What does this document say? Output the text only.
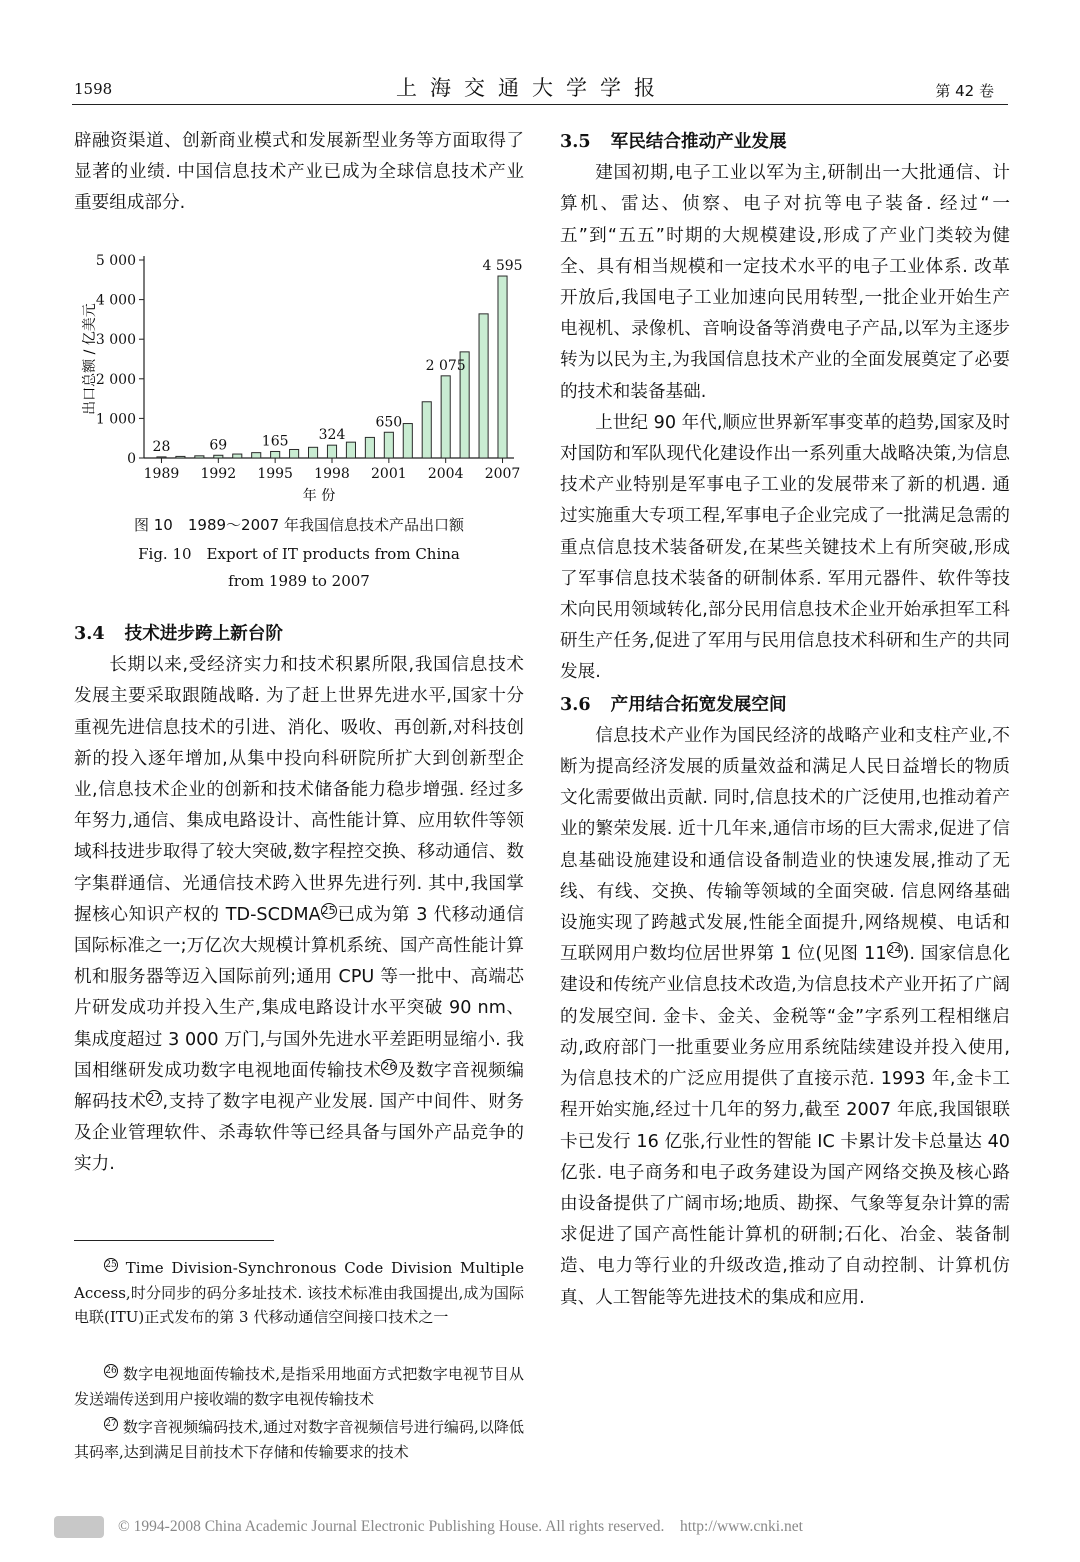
1598	上海交通大学学报	第 42 卷

辟融资渠道、创新商业模式和发展新型业务等方面取得了显著的业绩. 中国信息技术产业已成为全球信息技术产业重要组成部分.

出口总额 / 亿美元
年 份
0
1 000
2 000
3 000
4 000
5 000
1989 1992 1995 1998 2001 2004 2007
28	69 165 324
650
2 075
4 595
图 10　1989～2007 年我国信息技术产品出口额
Fig. 10　Export of IT products from China
from 1989 to 2007

3.4 技术进步跨上新台阶

长期以来,受经济实力和技术积累所限,我国信息技术发展主要采取跟随战略. 为了赶上世界先进水平,国家十分重视先进信息技术的引进、消化、吸收、再创新,对科技创新的投入逐年增加,从集中投向科研院所扩大到创新型企业,信息技术企业的创新和技术储备能力稳步增强. 经过多年努力,通信、集成电路设计、高性能计算、应用软件等领域科技进步取得了较大突破,数字程控交换、移动通信、数字集群通信、光通信技术跨入世界先进行列. 其中,我国掌握核心知识产权的 TD-SCDMA$^{25}$已成为第 3 代移动通信国际标准之一;万亿次大规模计算机系统、国产高性能计算机和服务器等迈入国际前列;通用 CPU 等一批中、高端芯片研发成功并投入生产,集成电路设计水平突破 90 nm、集成度超过 3 000 万门,与国外先进水平差距明显缩小. 我国相继研发成功数字电视地面传输技术$^{26}$及数字音视频编解码技术$^{27}$,支持了数字电视产业发展. 国产中间件、财务及企业管理软件、杀毒软件等已经具备与国外产品竞争的实力.

$^{25}$ Time Division-Synchronous Code Division Multiple Access,时分同步的码分多址技术. 该技术标准由我国提出,成为国际电联(ITU)正式发布的第 3 代移动通信空间接口技术之一

$^{26}$ 数字电视地面传输技术,是指采用地面方式把数字电视节目从发送端传送到用户接收端的数字电视传输技术

$^{27}$ 数字音视频编码技术,通过对数字音视频信号进行编码,以降低其码率,达到满足目前技术下存储和传输要求的技术

3.5 军民结合推动产业发展

建国初期,电子工业以军为主,研制出一大批通信、计算机、雷达、侦察、电子对抗等电子装备. 经过“一五”到“五五”时期的大规模建设,形成了产业门类较为健全、具有相当规模和一定技术水平的电子工业体系. 改革开放后,我国电子工业加速向民用转型,一批企业开始生产电视机、录像机、音响设备等消费电子产品,以军为主逐步转为以民为主,为我国信息技术产业的全面发展奠定了必要的技术和装备基础.

上世纪 90 年代,顺应世界新军事变革的趋势,国家及时对国防和军队现代化建设作出一系列重大战略决策,为信息技术产业特别是军事电子工业的发展带来了新的机遇. 通过实施重大专项工程,军事电子企业完成了一批满足急需的重点信息技术装备研发,在某些关键技术上有所突破,形成了军事信息技术装备的研制体系. 军用元器件、软件等技术向民用领域转化,部分民用信息技术企业开始承担军工科研生产任务,促进了军用与民用信息技术科研和生产的共同发展.

3.6 产用结合拓宽发展空间

信息技术产业作为国民经济的战略产业和支柱产业,不断为提高经济发展的质量效益和满足人民日益增长的物质文化需要做出贡献. 同时,信息技术的广泛使用,也推动着产业的繁荣发展. 近十几年来,通信市场的巨大需求,促进了信息基础设施建设和通信设备制造业的快速发展,推动了无线、有线、交换、传输等领域的全面突破. 信息网络基础设施实现了跨越式发展,性能全面提升,网络规模、电话和互联网用户数均位居世界第 1 位(见图 $11^{24}$). 国家信息化建设和传统产业信息技术改造,为信息技术产业开拓了广阔的发展空间. 金卡、金关、金税等“金”字系列工程相继启动,政府部门一批重要业务应用系统陆续建设并投入使用,为信息技术的广泛应用提供了直接示范. 1993 年,金卡工程开始实施,经过十几年的努力,截至 2007 年底,我国银联卡已发行 16 亿张,行业性的智能 IC 卡累计发卡总量达 40 亿张. 电子商务和电子政务建设为国产网络交换及核心路由设备提供了广阔市场;地质、勘探、气象等复杂计算的需求促进了国产高性能计算机的研制;石化、冶金、装备制造、电力等行业的升级改造,推动了自动控制、计算机仿真、人工智能等先进技术的集成和应用.

© 1994-2008 China Academic Journal Electronic Publishing House. All rights reserved. http://www.cnki.net
